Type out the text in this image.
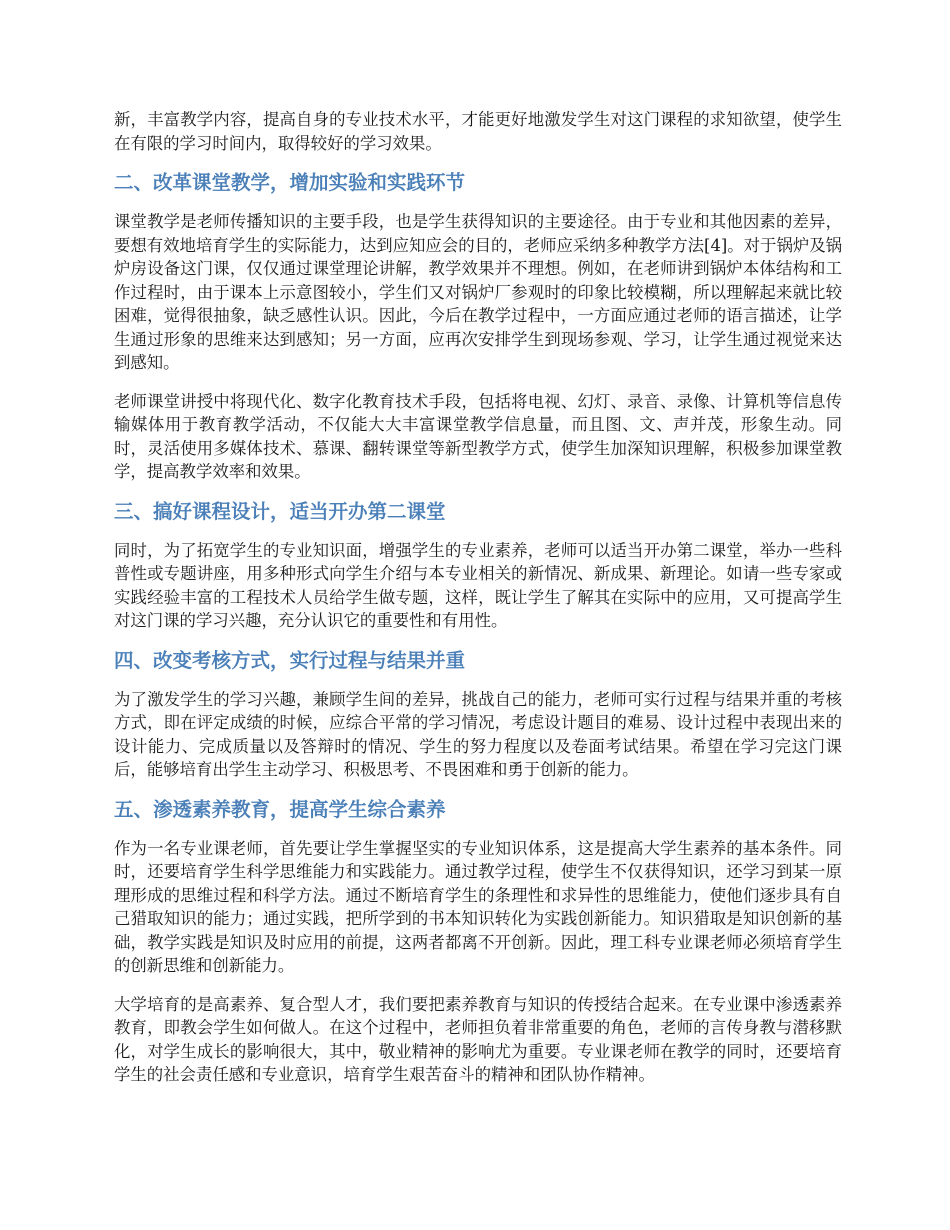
新，丰富教学内容，提高自身的专业技术水平，才能更好地激发学生对这门课程的求知欲望，使学生在有限的学习时间内，取得较好的学习效果。

二、改革课堂教学，增加实验和实践环节

课堂教学是老师传播知识的主要手段，也是学生获得知识的主要途径。由于专业和其他因素的差异，要想有效地培育学生的实际能力，达到应知应会的目的，老师应采纳多种教学方法[4]。对于锅炉及锅炉房设备这门课，仅仅通过课堂理论讲解，教学效果并不理想。例如，在老师讲到锅炉本体结构和工作过程时，由于课本上示意图较小，学生们又对锅炉厂参观时的印象比较模糊，所以理解起来就比较困难，觉得很抽象，缺乏感性认识。因此，今后在教学过程中，一方面应通过老师的语言描述，让学生通过形象的思维来达到感知；另一方面，应再次安排学生到现场参观、学习，让学生通过视觉来达到感知。

老师课堂讲授中将现代化、数字化教育技术手段，包括将电视、幻灯、录音、录像、计算机等信息传输媒体用于教育教学活动，不仅能大大丰富课堂教学信息量，而且图、文、声并茂，形象生动。同时，灵活使用多媒体技术、慕课、翻转课堂等新型教学方式，使学生加深知识理解，积极参加课堂教学，提高教学效率和效果。

三、搞好课程设计，适当开办第二课堂

同时，为了拓宽学生的专业知识面，增强学生的专业素养，老师可以适当开办第二课堂，举办一些科普性或专题讲座，用多种形式向学生介绍与本专业相关的新情况、新成果、新理论。如请一些专家或实践经验丰富的工程技术人员给学生做专题，这样，既让学生了解其在实际中的应用，又可提高学生对这门课的学习兴趣，充分认识它的重要性和有用性。

四、改变考核方式，实行过程与结果并重

为了激发学生的学习兴趣，兼顾学生间的差异，挑战自己的能力，老师可实行过程与结果并重的考核方式，即在评定成绩的时候，应综合平常的学习情况，考虑设计题目的难易、设计过程中表现出来的设计能力、完成质量以及答辩时的情况、学生的努力程度以及卷面考试结果。希望在学习完这门课后，能够培育出学生主动学习、积极思考、不畏困难和勇于创新的能力。

五、渗透素养教育，提高学生综合素养

作为一名专业课老师，首先要让学生掌握坚实的专业知识体系，这是提高大学生素养的基本条件。同时，还要培育学生科学思维能力和实践能力。通过教学过程，使学生不仅获得知识，还学习到某一原理形成的思维过程和科学方法。通过不断培育学生的条理性和求异性的思维能力，使他们逐步具有自己猎取知识的能力；通过实践，把所学到的书本知识转化为实践创新能力。知识猎取是知识创新的基础，教学实践是知识及时应用的前提，这两者都离不开创新。因此，理工科专业课老师必须培育学生的创新思维和创新能力。

大学培育的是高素养、复合型人才，我们要把素养教育与知识的传授结合起来。在专业课中渗透素养教育，即教会学生如何做人。在这个过程中，老师担负着非常重要的角色，老师的言传身教与潜移默化，对学生成长的影响很大，其中，敬业精神的影响尤为重要。专业课老师在教学的同时，还要培育学生的社会责任感和专业意识，培育学生艰苦奋斗的精神和团队协作精神。
